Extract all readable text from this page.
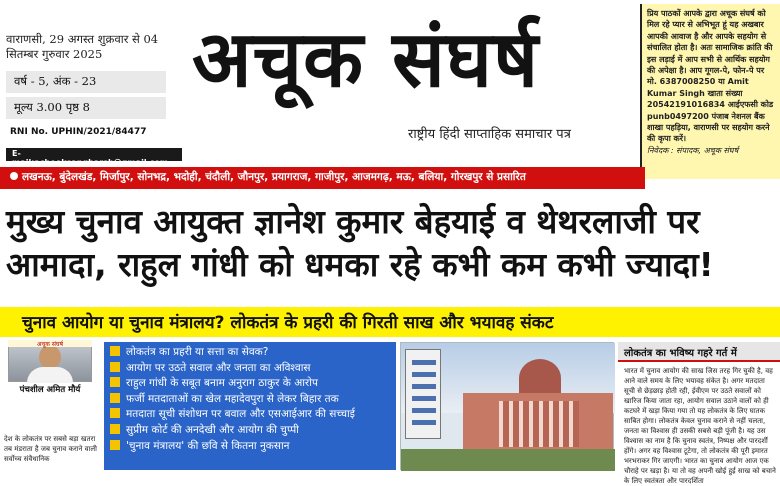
वाराणसी, 29 अगस्त शुक्रवार से 04 सितम्बर गुरुवार 2025
वर्ष - 5, अंक - 23
मूल्य 3.00 पृष्ठ 8
RNI No. UPHIN/2021/84477
E-mail:achooksangharsh@gmail.com
अचूक संघर्ष
राष्ट्रीय हिंदी साप्ताहिक समाचार पत्र
प्रिय पाठकों आपके द्वारा अचूक संघर्ष को मिल रहे प्यार से अभिभूत हूं यह अखबार आपकी आवाज है और आपके सहयोग से संचालित होता है। अतः सामाजिक क्रांति की इस लड़ाई में आप सभी से आर्थिक सहयोग की अपेक्षा है। आप गूगल-पे, फोन-पे पर मो. 6387008250 या Amit Kumar Singh खाता संख्या 20542191016834 आईएफसी कोड punb0497200 पंजाब नेशनल बैंक शाखा पहड़िया, वाराणसी पर सहयोग करने की कृपा करें।
निवेदक : संपादक, अचूक संघर्ष
लखनऊ, बुंदेलखंड, मिर्जापुर, सोनभद्र, भदोही, चंदौली, जौनपुर, प्रयागराज, गाजीपुर, आजमगढ़, मऊ, बलिया, गोरखपुर से प्रसारित
मुख्य चुनाव आयुक्त ज्ञानेश कुमार बेहयाई व थेथरलाजी पर
आमादा, राहुल गांधी को धमका रहे कभी कम कभी ज्यादा!
चुनाव आयोग या चुनाव मंत्रालय? लोकतंत्र के प्रहरी की गिरती साख और भयावह संकट
अचूक संघर्ष
पंचशील अमित मौर्य
देश के लोकतंत्र पर सबसे बड़ा खतरा तब मंडराता है जब चुनाव कराने वाली सर्वोच्च संवैधानिक
लोकतंत्र का प्रहरी या सत्ता का सेवक?
आयोग पर उठते सवाल और जनता का अविश्वास
राहुल गांधी के सबूत बनाम अनुराग ठाकुर के आरोप
फर्जी मतदाताओं का खेल महादेवपुरा से लेकर बिहार तक
मतदाता सूची संशोधन पर बवाल और एसआईआर की सच्चाई
सुप्रीम कोर्ट की अनदेखी और आयोग की चुप्पी
'चुनाव मंत्रालय' की छवि से कितना नुकसान
लोकतंत्र का भविष्य गहरे गर्त में
भारत में चुनाव आयोग की साख जिस तरह गिर चुकी है, वह आने वाले समय के लिए भयावह संकेत है। अगर मतदाता सूची से छेड़छाड़ होती रही, ईवीएम पर उठते सवालों को खारिज किया जाता रहा, आयोग सवाल उठाने वालों को ही कटघरे में खड़ा किया गया तो यह लोकतंत्र के लिए घातक साबित होगा। लोकतंत्र केवल चुनाव कराने से नहीं चलता, जनता का विश्वास ही उसकी सबसे बड़ी पूंजी है। यह उस विश्वास का नाम है कि चुनाव स्वतंत्र, निष्पक्ष और पारदर्शी होंगे। अगर वह विश्वास टूटेगा, तो लोकतंत्र की पूरी इमारत भरभराकर गिर जाएगी। भारत का चुनाव आयोग आज एक चौराहे पर खड़ा है। या तो वह अपनी खोई हुई साख को बचाने के लिए स्वतंत्रता और पारदर्शिता
